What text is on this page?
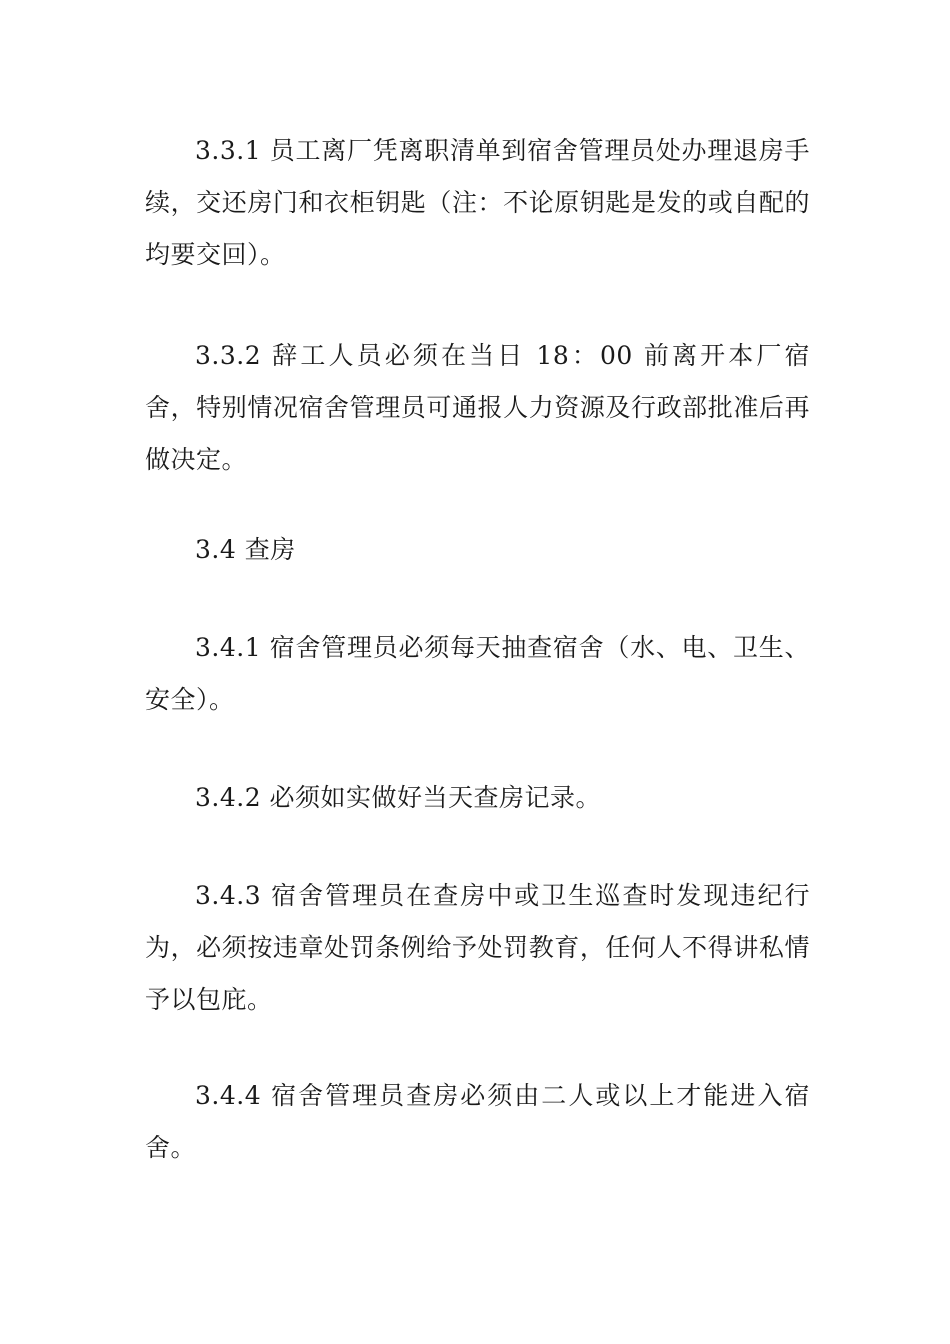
3.3.1 员工离厂凭离职清单到宿舍管理员处办理退房手续，交还房门和衣柜钥匙（注：不论原钥匙是发的或自配的均要交回）。

3.3.2 辞工人员必须在当日 18：00 前离开本厂宿舍，特别情况宿舍管理员可通报人力资源及行政部批准后再做决定。

3.4 查房

3.4.1 宿舍管理员必须每天抽查宿舍（水、电、卫生、安全）。

3.4.2 必须如实做好当天查房记录。

3.4.3 宿舍管理员在查房中或卫生巡查时发现违纪行为，必须按违章处罚条例给予处罚教育，任何人不得讲私情予以包庇。

3.4.4 宿舍管理员查房必须由二人或以上才能进入宿舍。
